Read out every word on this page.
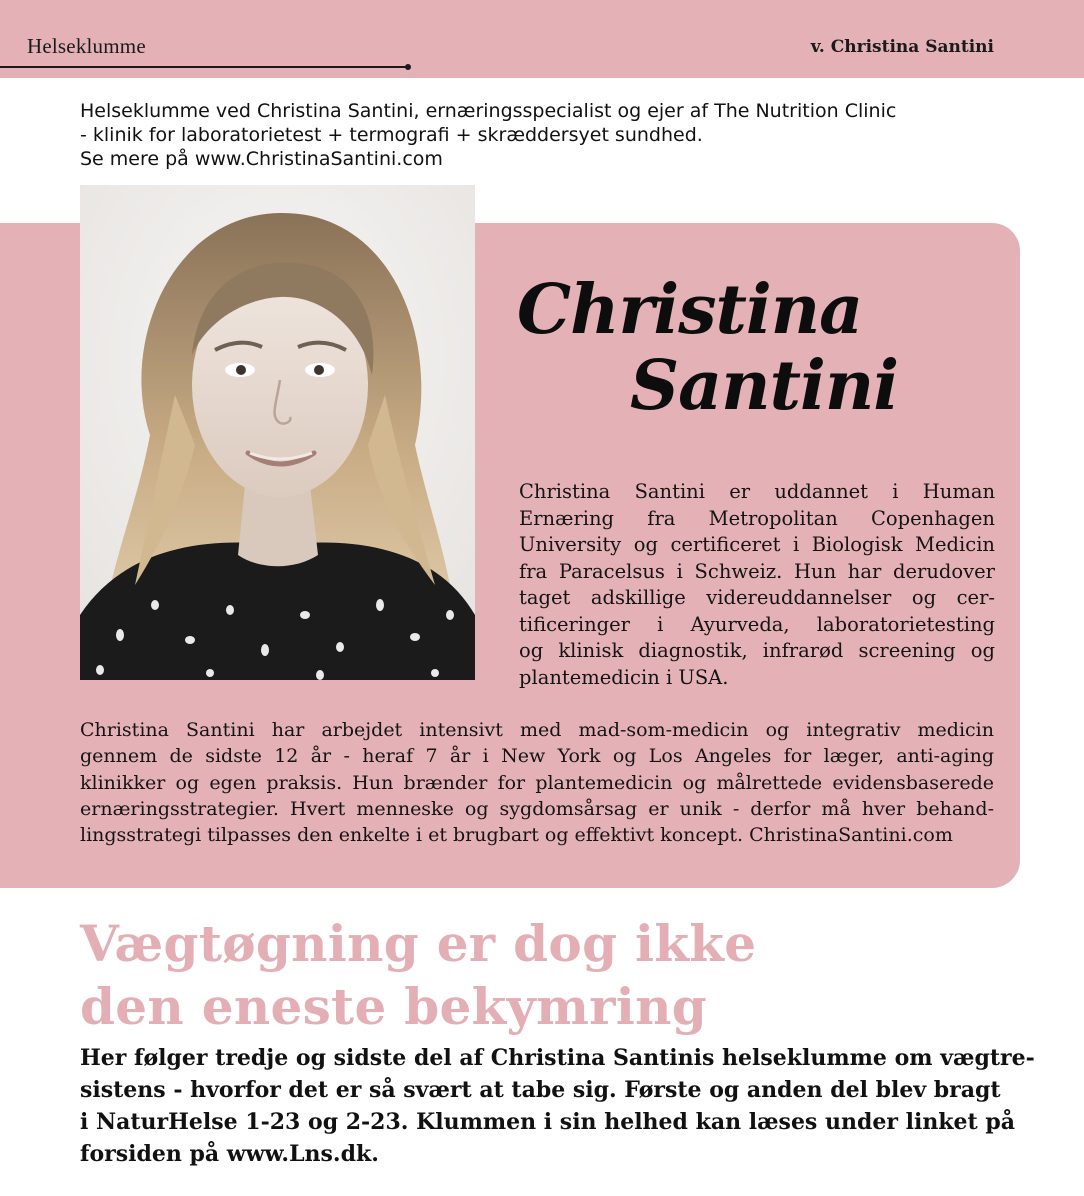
Helseklumme	v. Christina Santini
Helseklumme ved Christina Santini, ernæringsspecialist og ejer af The Nutrition Clinic
- klinik for laboratorietest + termografi + skræddersyet sundhed.
Se mere på www.ChristinaSantini.com
Christina
Santini
Christina Santini er uddannet i Human
Ernæring fra Metropolitan Copenhagen
University og certificeret i Biologisk Medicin
fra Paracelsus i Schweiz. Hun har derudover
taget adskillige videreuddannelser og cer-
tificeringer i Ayurveda, laboratorietesting
og klinisk diagnostik, infrarød screening og
plantemedicin i USA.
Christina Santini har arbejdet intensivt med mad-som-medicin og integrativ medicin
gennem de sidste 12 år - heraf 7 år i New York og Los Angeles for læger, anti-aging
klinikker og egen praksis. Hun brænder for plantemedicin og målrettede evidensbaserede
ernæringsstrategier. Hvert menneske og sygdomsårsag er unik - derfor må hver behand-
lingsstrategi tilpasses den enkelte i et brugbart og effektivt koncept. ChristinaSantini.com
Vægtøgning er dog ikke
den eneste bekymring
Her følger tredje og sidste del af Christina Santinis helseklumme om vægtre-
sistens - hvorfor det er så svært at tabe sig. Første og anden del blev bragt
i NaturHelse 1-23 og 2-23. Klummen i sin helhed kan læses under linket på
forsiden på www.Lns.dk.
